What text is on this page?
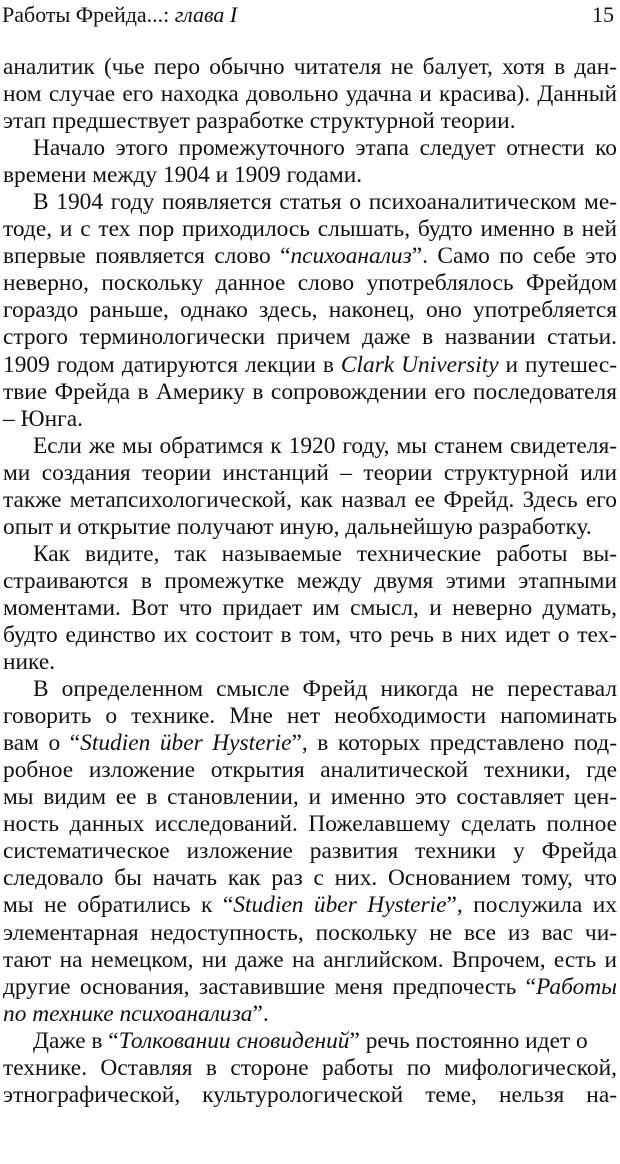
Работы Фрейда...: глава I	15
аналитик (чье перо обычно читателя не балует, хотя в дан-
ном случае его находка довольно удачна и красива). Данный
этап предшествует разработке структурной теории.
Начало этого промежуточного этапа следует отнести ко
времени между 1904 и 1909 годами.
В 1904 году появляется статья о психоаналитическом ме-
тоде, и с тех пор приходилось слышать, будто именно в ней
впервые появляется слово “психоанализ”. Само по себе это
неверно, поскольку данное слово употреблялось Фрейдом
гораздо раньше, однако здесь, наконец, оно употребляется
строго терминологически причем даже в названии статьи.
1909 годом датируются лекции в Clark University и путешес-
твие Фрейда в Америку в сопровождении его последователя
– Юнга.
Если же мы обратимся к 1920 году, мы станем свидетеля-
ми создания теории инстанций – теории структурной или
также метапсихологической, как назвал ее Фрейд. Здесь его
опыт и открытие получают иную, дальнейшую разработку.
Как видите, так называемые технические работы вы-
страиваются в промежутке между двумя этими этапными
моментами. Вот что придает им смысл, и неверно думать,
будто единство их состоит в том, что речь в них идет о тех-
нике.
В определенном смысле Фрейд никогда не переставал
говорить о технике. Мне нет необходимости напоминать
вам о “Studien über Hysterie”, в которых представлено под-
робное изложение открытия аналитической техники, где
мы видим ее в становлении, и именно это составляет цен-
ность данных исследований. Пожелавшему сделать полное
систематическое изложение развития техники у Фрейда
следовало бы начать как раз с них. Основанием тому, что
мы не обратились к “Studien über Hysterie”, послужила их
элементарная недоступность, поскольку не все из вас чи-
тают на немецком, ни даже на английском. Впрочем, есть и
другие основания, заставившие меня предпочесть “Работы
по технике психоанализа”.
Даже в “Толковании сновидений” речь постоянно идет о
технике. Оставляя в стороне работы по мифологической,
этнографической, культурологической теме, нельзя на-
